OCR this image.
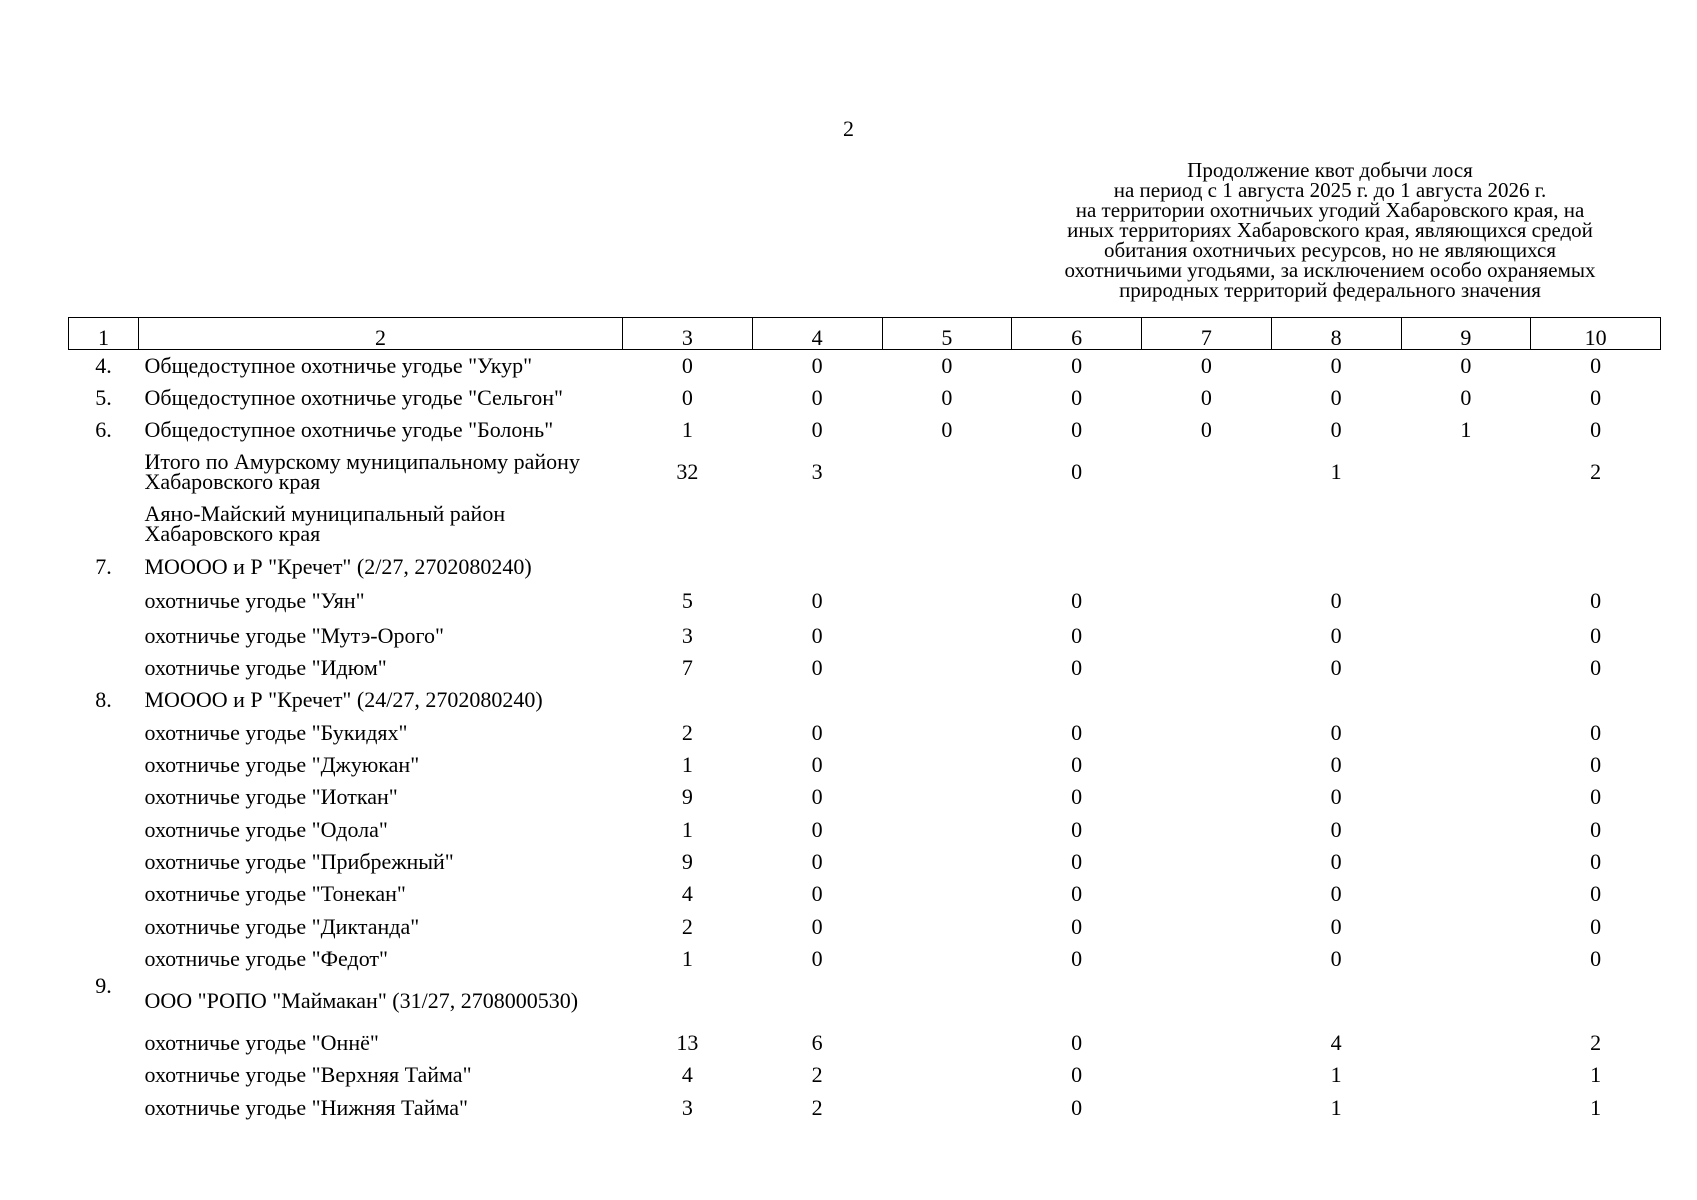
2
Продолжение квот добычи лося
на период с 1 августа 2025 г. до 1 августа 2026 г.
на территории охотничьих угодий Хабаровского края, на
иных территориях Хабаровского края, являющихся средой
обитания охотничьих ресурсов, но не являющихся
охотничьими угодьями, за исключением особо охраняемых
природных территорий федерального значения
1	2	3	4	5	6	7	8	9	10
4.	Общедоступное охотничье угодье "Укур"	0	0	0	0	0	0	0	0
5.	Общедоступное охотничье угодье "Сельгон"	0	0	0	0	0	0	0	0
6.	Общедоступное охотничье угодье "Болонь"	1	0	0	0	0	0	1	0
	Итого по Амурскому муниципальному районy Хабаровского края	32	3		0		1		2
	Аяно-Майский муниципальный район Хабаровского края								
7.	МОООО и Р "Кречет" (2/27, 2702080240)								
	охотничье угодье "Уян"	5	0		0		0		0
	охотничье угодье "Мутэ-Орого"	3	0		0		0		0
	охотничье угодье "Идюм"	7	0		0		0		0
8.	МОООО и Р "Кречет" (24/27, 2702080240)								
	охотничье угодье "Букидях"	2	0		0		0		0
	охотничье угодье "Джуюкан"	1	0		0		0		0
	охотничье угодье "Иоткан"	9	0		0		0		0
	охотничье угодье "Одола"	1	0		0		0		0
	охотничье угодье "Прибрежный"	9	0		0		0		0
	охотничье угодье "Тонекан"	4	0		0		0		0
	охотничье угодье "Диктанда"	2	0		0		0		0
	охотничье угодье "Федот"	1	0		0		0		0
9.	ООО "РОПО "Маймакан" (31/27, 2708000530)								
	охотничье угодье "Оннё"	13	6		0		4		2
	охотничье угодье "Верхняя Тайма"	4	2		0		1		1
	охотничье угодье "Нижняя Тайма"	3	2		0		1		1
